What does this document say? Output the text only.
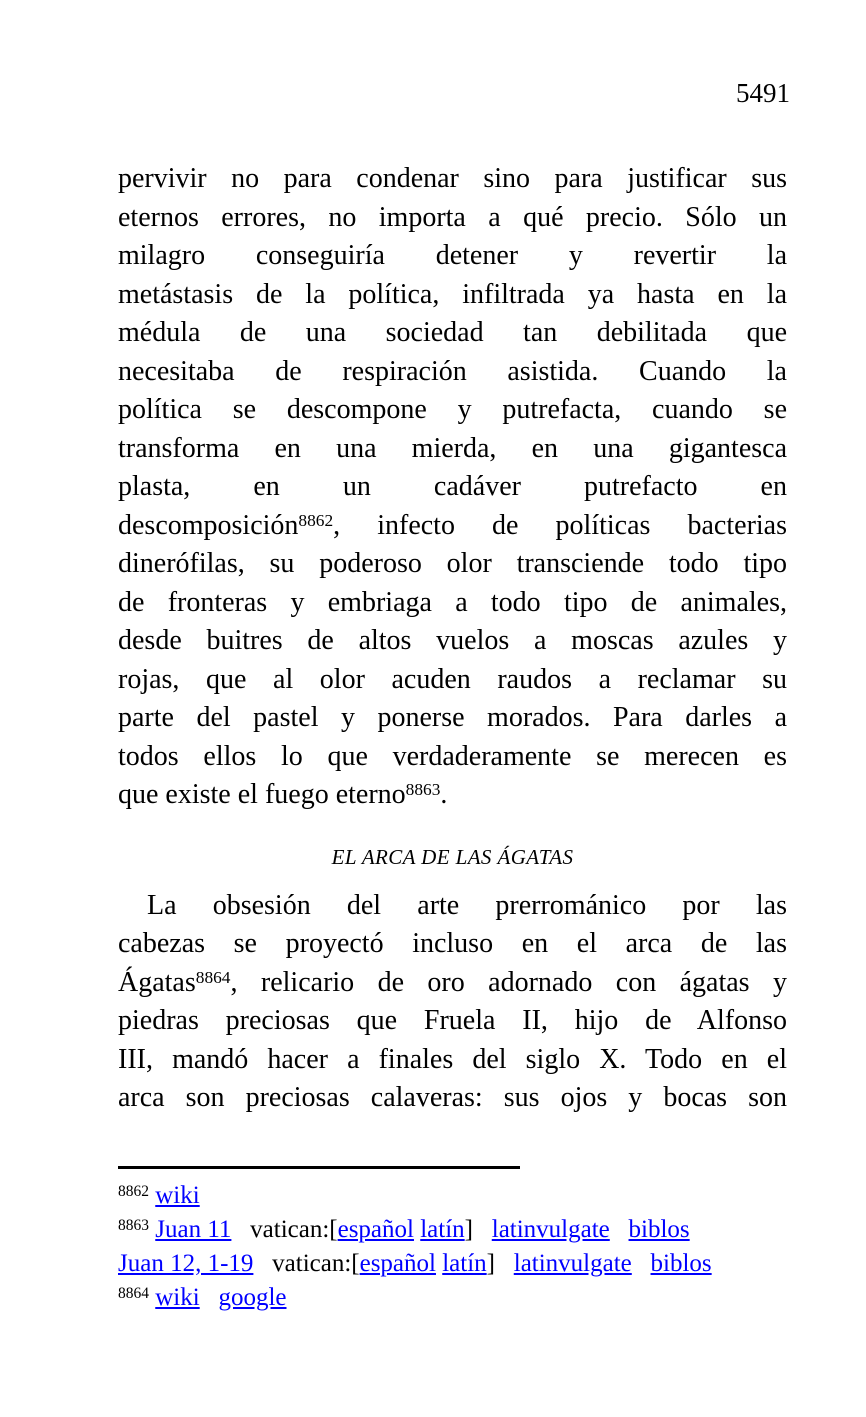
5491
pervivir no para condenar sino para justificar sus
eternos errores, no importa a qué precio. Sólo un
milagro conseguiría detener y revertir la
metástasis de la política, infiltrada ya hasta en la
médula de una sociedad tan debilitada que
necesitaba de respiración asistida. Cuando la
política se descompone y putrefacta, cuando se
transforma en una mierda, en una gigantesca
plasta, en un cadáver putrefacto en
descomposición$^{8862}$, infecto de políticas bacterias
dinerófilas, su poderoso olor transciende todo tipo
de fronteras y embriaga a todo tipo de animales,
desde buitres de altos vuelos a moscas azules y
rojas, que al olor acuden raudos a reclamar su
parte del pastel y ponerse morados. Para darles a
todos ellos lo que verdaderamente se merecen es
que existe el fuego eterno$^{8863}$.
EL ARCA DE LAS ÁGATAS
La obsesión del arte prerrománico por las
cabezas se proyectó incluso en el arca de las
Ágatas$^{8864}$, relicario de oro adornado con ágatas y
piedras preciosas que Fruela II, hijo de Alfonso
III, mandó hacer a finales del siglo X. Todo en el
arca son preciosas calaveras: sus ojos y bocas son
$^{8862}$ wiki
$^{8863}$ Juan 11   vatican:[español latín]   latinvulgate biblos
Juan 12, 1-19   vatican:[español latín]   latinvulgate biblos
$^{8864}$ wiki google
